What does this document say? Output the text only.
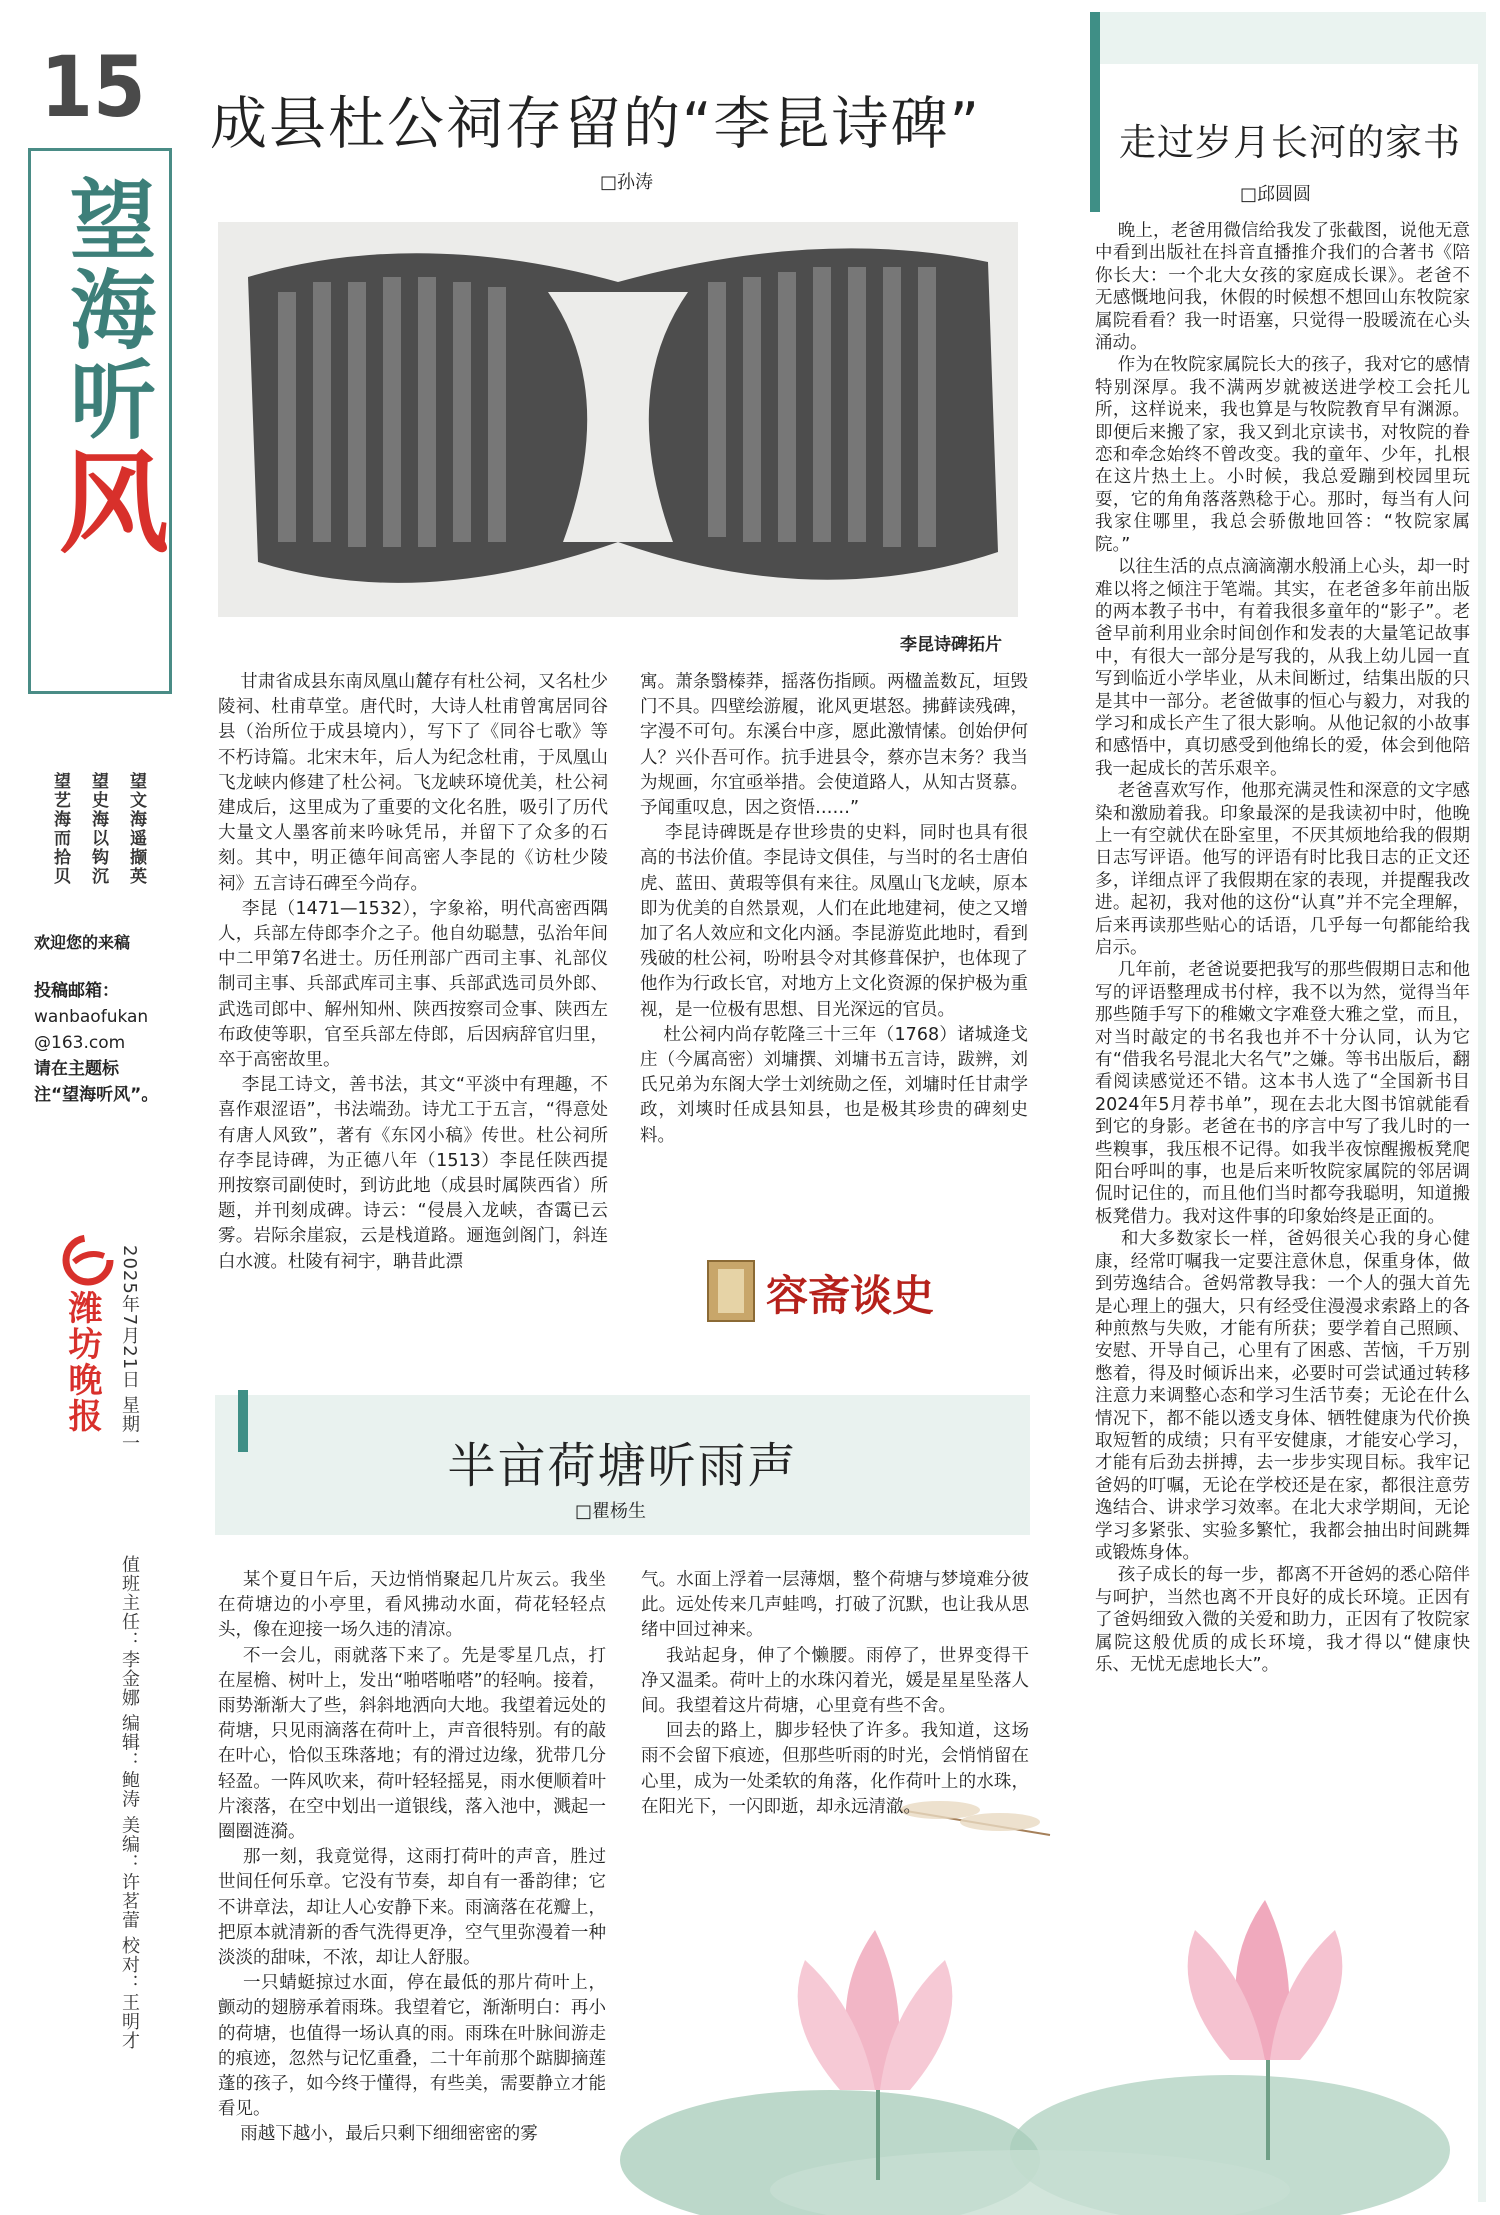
15
望海听风
望文海遥撷英
望史海以钩沉
望艺海而拾贝
欢迎您的来稿
投稿邮箱：
wanbaofukan@163.com
请在主题标注“望海听风”。
潍坊晚报 2025年7月21日 星期一
值班主任：李金娜 编辑：鲍涛 美编：许茗蕾 校对：王明才
成县杜公祠存留的“李昆诗碑”
□孙涛
李昆诗碑拓片
甘肃省成县东南凤凰山麓存有杜公祠，又名杜少陵祠、杜甫草堂。唐代时，大诗人杜甫曾寓居同谷县（治所位于成县境内），写下了《同谷七歌》等不朽诗篇。北宋末年，后人为纪念杜甫，于凤凰山飞龙峡内修建了杜公祠。飞龙峡环境优美，杜公祠建成后，这里成为了重要的文化名胜，吸引了历代大量文人墨客前来吟咏凭吊，并留下了众多的石刻。其中，明正德年间高密人李昆的《访杜少陵祠》五言诗石碑至今尚存。
李昆（1471—1532），字象裕，明代高密西隅人，兵部左侍郎李介之子。他自幼聪慧，弘治年间中二甲第7名进士。历任刑部广西司主事、礼部仪制司主事、兵部武库司主事、兵部武选司员外郎、武选司郎中、解州知州、陕西按察司佥事、陕西左布政使等职，官至兵部左侍郎，后因病辞官归里，卒于高密故里。
李昆工诗文，善书法，其文“平淡中有理趣，不喜作艰涩语”，书法端劲。诗尤工于五言，“得意处有唐人风致”，著有《东冈小稿》传世。杜公祠所存李昆诗碑，为正德八年（1513）李昆任陕西提刑按察司副使时，到访此地（成县时属陕西省）所题，并刊刻成碑。诗云：“侵晨入龙峡，杳霭已云雾。岩际余崖寂，云是栈道路。逦迤剑阁门，斜连白水渡。杜陵有祠宇，聃昔此漂
寓。萧条翳榛莽，摇落伤指顾。两楹盖数瓦，垣毁门不具。四壁绘游履，讹风更堪怒。拂藓读残碑，字漫不可句。东溪台中彦，愿此激情愫。创始伊何人？兴仆吾可作。抗手进县令，蔡亦岂末务？我当为规画，尔宜亟举措。会使道路人，从知古贤慕。予闻重叹息，因之资悟……”
李昆诗碑既是存世珍贵的史料，同时也具有很高的书法价值。李昆诗文俱佳，与当时的名士唐伯虎、蓝田、黄瑕等俱有来往。凤凰山飞龙峡，原本即为优美的自然景观，人们在此地建祠，使之又增加了名人效应和文化内涵。李昆游览此地时，看到残破的杜公祠，吩咐县令对其修葺保护，也体现了他作为行政长官，对地方上文化资源的保护极为重视，是一位极有思想、目光深远的官员。
杜公祠内尚存乾隆三十三年（1768）诸城逄戈庄（今属高密）刘墉撰、刘墉书五言诗，跋辨，刘氏兄弟为东阁大学士刘统勋之侄，刘墉时任甘肃学政，刘塽时任成县知县，也是极其珍贵的碑刻史料。
容斋谈史
半亩荷塘听雨声
□瞿杨生
某个夏日午后，天边悄悄聚起几片灰云。我坐在荷塘边的小亭里，看风拂动水面，荷花轻轻点头，像在迎接一场久违的清凉。
不一会儿，雨就落下来了。先是零星几点，打在屋檐、树叶上，发出“啪嗒啪嗒”的轻响。接着，雨势渐渐大了些，斜斜地洒向大地。我望着远处的荷塘，只见雨滴落在荷叶上，声音很特别。有的敲在叶心，恰似玉珠落地；有的滑过边缘，犹带几分轻盈。一阵风吹来，荷叶轻轻摇晃，雨水便顺着叶片滚落，在空中划出一道银线，落入池中，溅起一圈圈涟漪。
那一刻，我竟觉得，这雨打荷叶的声音，胜过世间任何乐章。它没有节奏，却自有一番韵律；它不讲章法，却让人心安静下来。雨滴落在花瓣上，把原本就清新的香气洗得更净，空气里弥漫着一种淡淡的甜味，不浓，却让人舒服。
一只蜻蜓掠过水面，停在最低的那片荷叶上，颤动的翅膀承着雨珠。我望着它，渐渐明白：再小的荷塘，也值得一场认真的雨。雨珠在叶脉间游走的痕迹，忽然与记忆重叠，二十年前那个踮脚摘莲蓬的孩子，如今终于懂得，有些美，需要静立才能看见。
雨越下越小，最后只剩下细细密密的雾
气。水面上浮着一层薄烟，整个荷塘与梦境难分彼此。远处传来几声蛙鸣，打破了沉默，也让我从思绪中回过神来。
我站起身，伸了个懒腰。雨停了，世界变得干净又温柔。荷叶上的水珠闪着光，媛是星星坠落人间。我望着这片荷塘，心里竟有些不舍。
回去的路上，脚步轻快了许多。我知道，这场雨不会留下痕迹，但那些听雨的时光，会悄悄留在心里，成为一处柔软的角落，化作荷叶上的水珠，在阳光下，一闪即逝，却永远清澈。
走过岁月长河的家书
□邱圆圆
晚上，老爸用微信给我发了张截图，说他无意中看到出版社在抖音直播推介我们的合著书《陪你长大：一个北大女孩的家庭成长课》。老爸不无感慨地问我，休假的时候想不想回山东牧院家属院看看？我一时语塞，只觉得一股暖流在心头涌动。
作为在牧院家属院长大的孩子，我对它的感情特别深厚。我不满两岁就被送进学校工会托儿所，这样说来，我也算是与牧院教育早有渊源。即便后来搬了家，我又到北京读书，对牧院的眷恋和牵念始终不曾改变。我的童年、少年，扎根在这片热土上。小时候，我总爱蹦到校园里玩耍，它的角角落落熟稔于心。那时，每当有人问我家住哪里，我总会骄傲地回答：“牧院家属院。”
以往生活的点点滴滴潮水般涌上心头，却一时难以将之倾注于笔端。其实，在老爸多年前出版的两本教子书中，有着我很多童年的“影子”。老爸早前利用业余时间创作和发表的大量笔记故事中，有很大一部分是写我的，从我上幼儿园一直写到临近小学毕业，从未间断过，结集出版的只是其中一部分。老爸做事的恒心与毅力，对我的学习和成长产生了很大影响。从他记叙的小故事和感悟中，真切感受到他绵长的爱，体会到他陪我一起成长的苦乐艰辛。
老爸喜欢写作，他那充满灵性和深意的文字感染和激励着我。印象最深的是我读初中时，他晚上一有空就伏在卧室里，不厌其烦地给我的假期日志写评语。他写的评语有时比我日志的正文还多，详细点评了我假期在家的表现，并提醒我改进。起初，我对他的这份“认真”并不完全理解，后来再读那些贴心的话语，几乎每一句都能给我启示。
几年前，老爸说要把我写的那些假期日志和他写的评语整理成书付梓，我不以为然，觉得当年那些随手写下的稚嫩文字难登大雅之堂，而且，对当时敲定的书名我也并不十分认同，认为它有“借我名号混北大名气”之嫌。等书出版后，翻看阅读感觉还不错。这本书人选了“全国新书目2024年5月荐书单”，现在去北大图书馆就能看到它的身影。老爸在书的序言中写了我儿时的一些糗事，我压根不记得。如我半夜惊醒搬板凳爬阳台呼叫的事，也是后来听牧院家属院的邻居调侃时记住的，而且他们当时都夸我聪明，知道搬板凳借力。我对这件事的印象始终是正面的。
和大多数家长一样，爸妈很关心我的身心健康，经常叮嘱我一定要注意休息，保重身体，做到劳逸结合。爸妈常教导我：一个人的强大首先是心理上的强大，只有经受住漫漫求索路上的各种煎熬与失败，才能有所获；要学着自己照顾、安慰、开导自己，心里有了困惑、苦恼，千万别憋着，得及时倾诉出来，必要时可尝试通过转移注意力来调整心态和学习生活节奏；无论在什么情况下，都不能以透支身体、牺牲健康为代价换取短暂的成绩；只有平安健康，才能安心学习，才能有后劲去拼搏，去一步步实现目标。我牢记爸妈的叮嘱，无论在学校还是在家，都很注意劳逸结合、讲求学习效率。在北大求学期间，无论学习多紧张、实验多繁忙，我都会抽出时间跳舞或锻炼身体。
孩子成长的每一步，都离不开爸妈的悉心陪伴与呵护，当然也离不开良好的成长环境。正因有了爸妈细致入微的关爱和助力，正因有了牧院家属院这般优质的成长环境，我才得以“健康快乐、无忧无虑地长大”。
